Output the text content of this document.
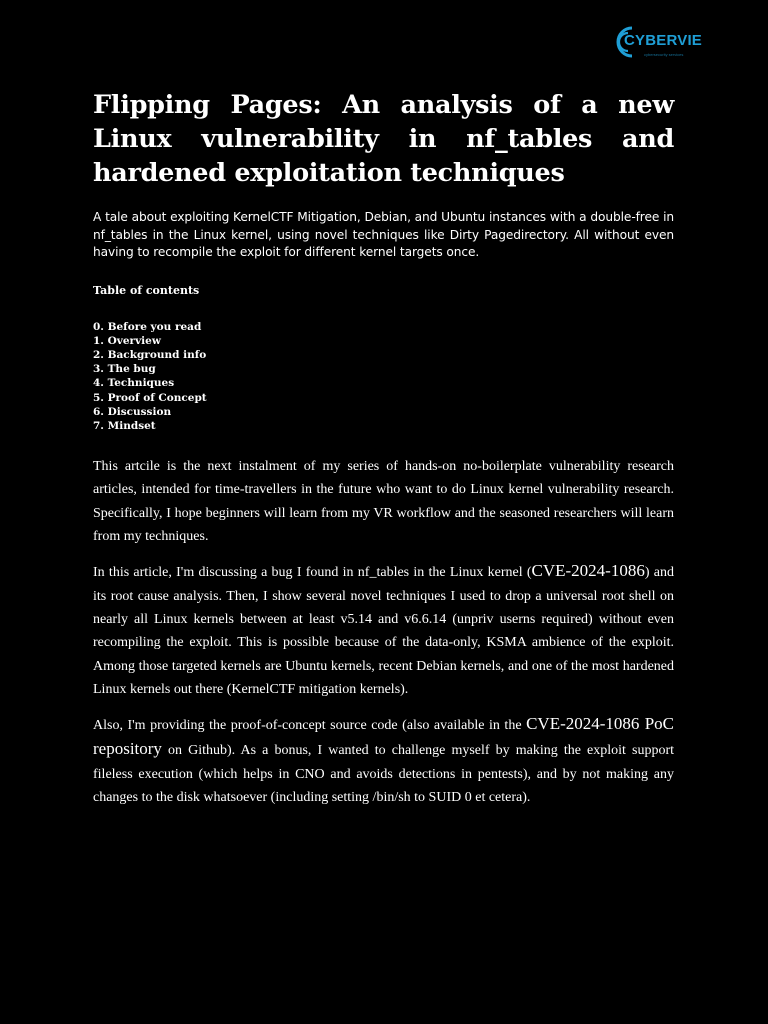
CYBERVIE
cybersecurity services
Flipping Pages: An analysis of a new Linux vulnerability in nf_tables and hardened exploitation techniques

A tale about exploiting KernelCTF Mitigation, Debian, and Ubuntu instances with a double-free in nf_tables in the Linux kernel, using novel techniques like Dirty Pagedirectory. All without even having to recompile the exploit for different kernel targets once.

Table of contents
0. Before you read
1. Overview
2. Background info
3. The bug
4. Techniques
5. Proof of Concept
6. Discussion
7. Mindset

This artcile is the next instalment of my series of hands-on no-boilerplate vulnerability research articles, intended for time-travellers in the future who want to do Linux kernel vulnerability research. Specifically, I hope beginners will learn from my VR workflow and the seasoned researchers will learn from my techniques.

In this article, I'm discussing a bug I found in nf_tables in the Linux kernel (CVE-2024-1086) and its root cause analysis. Then, I show several novel techniques I used to drop a universal root shell on nearly all Linux kernels between at least v5.14 and v6.6.14 (unpriv userns required) without even recompiling the exploit. This is possible because of the data-only, KSMA ambience of the exploit. Among those targeted kernels are Ubuntu kernels, recent Debian kernels, and one of the most hardened Linux kernels out there (KernelCTF mitigation kernels).

Also, I'm providing the proof-of-concept source code (also available in the CVE-2024-1086 PoC repository on Github). As a bonus, I wanted to challenge myself by making the exploit support fileless execution (which helps in CNO and avoids detections in pentests), and by not making any changes to the disk whatsoever (including setting /bin/sh to SUID 0 et cetera).
